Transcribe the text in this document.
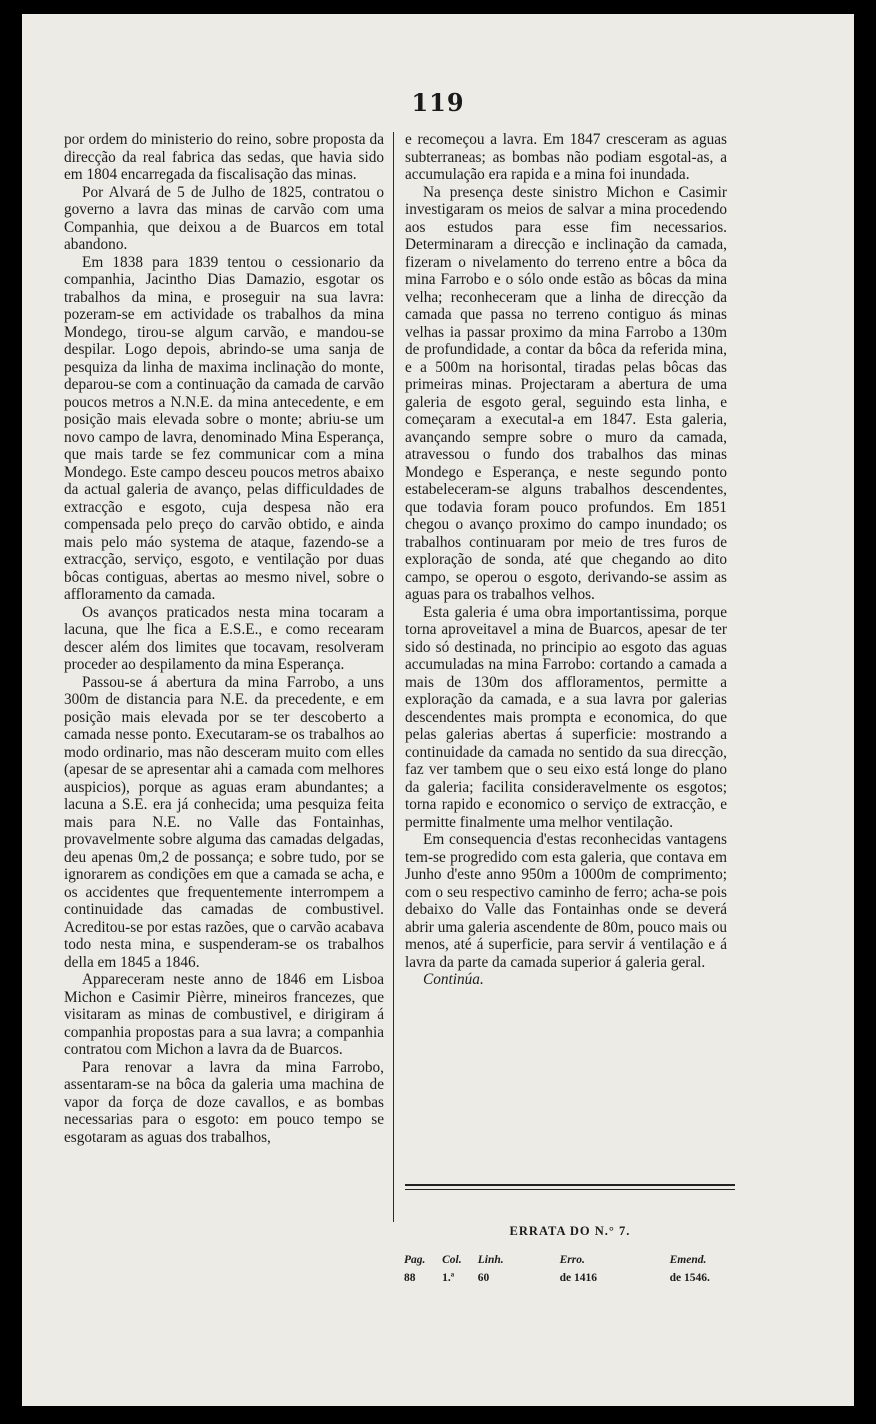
119

por ordem do ministerio do reino, sobre proposta da direcção da real fabrica das sedas, que havia sido em 1804 encarregada da fiscalisação das minas.

Por Alvará de 5 de Julho de 1825, contratou o governo a lavra das minas de carvão com uma Companhia, que deixou a de Buarcos em total abandono.

Em 1838 para 1839 tentou o cessionario da companhia, Jacintho Dias Damazio, esgotar os trabalhos da mina, e proseguir na sua lavra: pozeram-se em actividade os trabalhos da mina Mondego, tirou-se algum carvão, e mandou-se despilar. Logo depois, abrindo-se uma sanja de pesquiza da linha de maxima inclinação do monte, deparou-se com a continuação da camada de carvão poucos metros a N.N.E. da mina antecedente, e em posição mais elevada sobre o monte; abriu-se um novo campo de lavra, denominado Mina Esperança, que mais tarde se fez communicar com a mina Mondego. Este campo desceu poucos metros abaixo da actual galeria de avanço, pelas difficuldades de extracção e esgoto, cuja despesa não era compensada pelo preço do carvão obtido, e ainda mais pelo máo systema de ataque, fazendo-se a extracção, serviço, esgoto, e ventilação por duas bôcas contiguas, abertas ao mesmo nivel, sobre o affloramento da camada.

Os avanços praticados nesta mina tocaram a lacuna, que lhe fica a E.S.E., e como recearam descer além dos limites que tocavam, resolveram proceder ao despilamento da mina Esperança.

Passou-se á abertura da mina Farrobo, a uns 300m de distancia para N.E. da precedente, e em posição mais elevada por se ter descoberto a camada nesse ponto. Executaram-se os trabalhos ao modo ordinario, mas não desceram muito com elles (apesar de se apresentar ahi a camada com melhores auspicios), porque as aguas eram abundantes; a lacuna a S.E. era já conhecida; uma pesquiza feita mais para N.E. no Valle das Fontainhas, provavelmente sobre alguma das camadas delgadas, deu apenas 0m,2 de possança; e sobre tudo, por se ignorarem as condições em que a camada se acha, e os accidentes que frequentemente interrompem a continuidade das camadas de combustivel. Acreditou-se por estas razões, que o carvão acabava todo nesta mina, e suspenderam-se os trabalhos della em 1845 a 1846.

Appareceram neste anno de 1846 em Lisboa Michon e Casimir Pièrre, mineiros francezes, que visitaram as minas de combustivel, e dirigiram á companhia propostas para a sua lavra; a companhia contratou com Michon a lavra da de Buarcos.

Para renovar a lavra da mina Farrobo, assentaram-se na bôca da galeria uma machina de vapor da força de doze cavallos, e as bombas necessarias para o esgoto: em pouco tempo se esgotaram as aguas dos trabalhos,

e recomeçou a lavra. Em 1847 cresceram as aguas subterraneas; as bombas não podiam esgotal-as, a accumulação era rapida e a mina foi inundada.

Na presença deste sinistro Michon e Casimir investigaram os meios de salvar a mina procedendo aos estudos para esse fim necessarios. Determinaram a direcção e inclinação da camada, fizeram o nivelamento do terreno entre a bôca da mina Farrobo e o sólo onde estão as bôcas da mina velha; reconheceram que a linha de direcção da camada que passa no terreno contiguo ás minas velhas ia passar proximo da mina Farrobo a 130m de profundidade, a contar da bôca da referida mina, e a 500m na horisontal, tiradas pelas bôcas das primeiras minas. Projectaram a abertura de uma galeria de esgoto geral, seguindo esta linha, e começaram a executal-a em 1847. Esta galeria, avançando sempre sobre o muro da camada, atravessou o fundo dos trabalhos das minas Mondego e Esperança, e neste segundo ponto estabeleceram-se alguns trabalhos descendentes, que todavia foram pouco profundos. Em 1851 chegou o avanço proximo do campo inundado; os trabalhos continuaram por meio de tres furos de exploração de sonda, até que chegando ao dito campo, se operou o esgoto, derivando-se assim as aguas para os trabalhos velhos.

Esta galeria é uma obra importantissima, porque torna aproveitavel a mina de Buarcos, apesar de ter sido só destinada, no principio ao esgoto das aguas accumuladas na mina Farrobo: cortando a camada a mais de 130m dos affloramentos, permitte a exploração da camada, e a sua lavra por galerias descendentes mais prompta e economica, do que pelas galerias abertas á superficie: mostrando a continuidade da camada no sentido da sua direcção, faz ver tambem que o seu eixo está longe do plano da galeria; facilita consideravelmente os esgotos; torna rapido e economico o serviço de extracção, e permitte finalmente uma melhor ventilação.

Em consequencia d'estas reconhecidas vantagens tem-se progredido com esta galeria, que contava em Junho d'este anno 950m a 1000m de comprimento; com o seu respectivo caminho de ferro; acha-se pois debaixo do Valle das Fontainhas onde se deverá abrir uma galeria ascendente de 80m, pouco mais ou menos, até á superficie, para servir á ventilação e á lavra da parte da camada superior á galeria geral.

Continúa.

ERRATA DO N.° 7.
Pag.	Col.	Linh.	Erro.	Emend.
88	1.ª	60	de 1416	de 1546.
